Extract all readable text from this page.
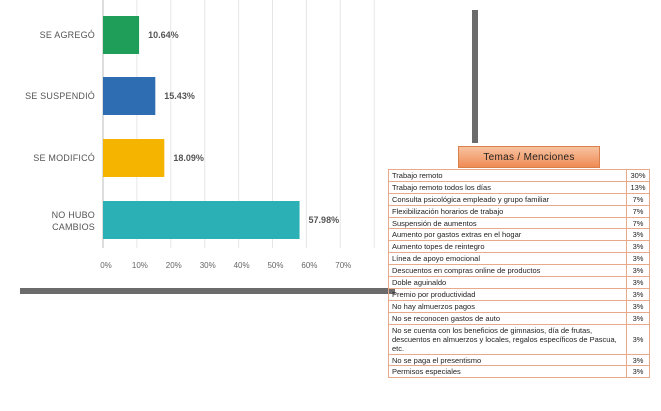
SE AGREGÓ
SE SUSPENDIÓ
SE MODIFICÓ
NO HUBO CAMBIOS
10.64%
15.43%
18.09%
57.98%
0%	10% 20% 30% 40% 50% 60% 70%
Temas / Menciones
Trabajo remoto	30%
Trabajo remoto todos los días	13%
Consulta psicológica empleado y grupo familiar	7%
Flexibilización horarios de trabajo	7%
Suspensión de aumentos	7%
Aumento por gastos extras en el hogar	3%
Aumento topes de reintegro	3%
Línea de apoyo emocional	3%
Descuentos en compras online de productos	3%
Doble aguinaldo	3%
Premio por productividad	3%
No hay almuerzos pagos	3%
No se reconocen gastos de auto	3%
No se cuenta con los beneficios de gimnasios, día de frutas, descuentos en almuerzos y locales, regalos específicos de Pascua, etc.	3%
No se paga el presentismo	3%
Permisos especiales	3%
